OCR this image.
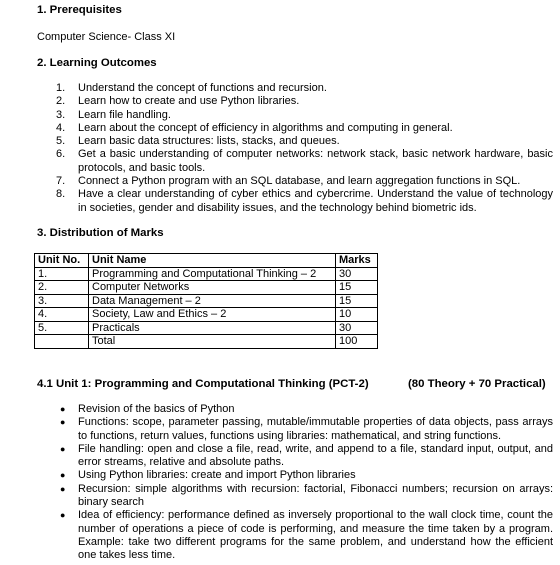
1. Prerequisites
Computer Science- Class XI
2. Learning Outcomes
1. Understand the concept of functions and recursion.
2. Learn how to create and use Python libraries.
3. Learn file handling.
4. Learn about the concept of efficiency in algorithms and computing in general.
5. Learn basic data structures: lists, stacks, and queues.
6. Get a basic understanding of computer networks: network stack, basic network hardware, basic protocols, and basic tools.
7. Connect a Python program with an SQL database, and learn aggregation functions in SQL.
8. Have a clear understanding of cyber ethics and cybercrime. Understand the value of technology in societies, gender and disability issues, and the technology behind biometric ids.
3. Distribution of Marks
Unit No.	Unit Name	Marks
1.	Programming and Computational Thinking – 2	30
2.	Computer Networks	15
3.	Data Management – 2	15
4.	Society, Law and Ethics – 2	10
5.	Practicals	30
	Total	100
4.1 Unit 1: Programming and Computational Thinking (PCT-2)	(80 Theory + 70 Practical)
● Revision of the basics of Python
● Functions: scope, parameter passing, mutable/immutable properties of data objects, pass arrays to functions, return values, functions using libraries: mathematical, and string functions.
● File handling: open and close a file, read, write, and append to a file, standard input, output, and error streams, relative and absolute paths.
● Using Python libraries: create and import Python libraries
● Recursion: simple algorithms with recursion: factorial, Fibonacci numbers; recursion on arrays: binary search
● Idea of efficiency: performance defined as inversely proportional to the wall clock time, count the number of operations a piece of code is performing, and measure the time taken by a program. Example: take two different programs for the same problem, and understand how the efficient one takes less time.
